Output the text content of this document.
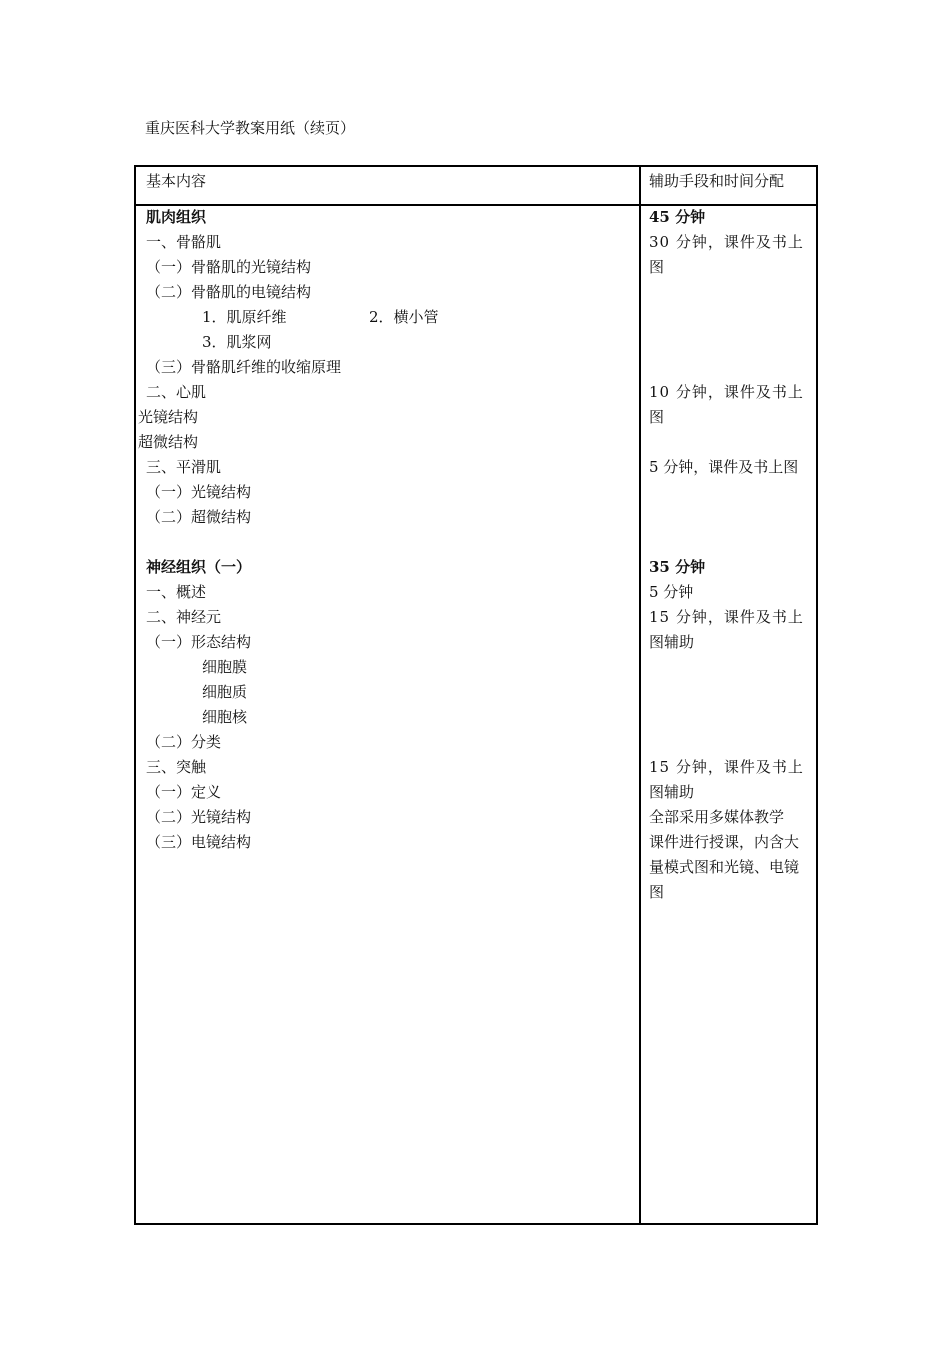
重庆医科大学教案用纸（续页）
基本内容	辅助手段和时间分配
肌肉组织
一、骨骼肌
（一）骨骼肌的光镜结构
（二）骨骼肌的电镜结构
1．肌原纤维	2．横小管
3．肌浆网
（三）骨骼肌纤维的收缩原理
二、心肌
光镜结构
超微结构
三、平滑肌
（一）光镜结构
（二）超微结构
神经组织（一）
一、概述
二、神经元
（一）形态结构
细胞膜
细胞质
细胞核
（二）分类
三、突触
（一）定义
（二）光镜结构
（三）电镜结构
45 分钟
30 分钟，课件及书上
图
10 分钟，课件及书上
图
5 分钟，课件及书上图
35 分钟
5 分钟
15 分钟，课件及书上
图辅助
15 分钟，课件及书上
图辅助
全部采用多媒体教学
课件进行授课，内含大
量模式图和光镜、电镜
图
